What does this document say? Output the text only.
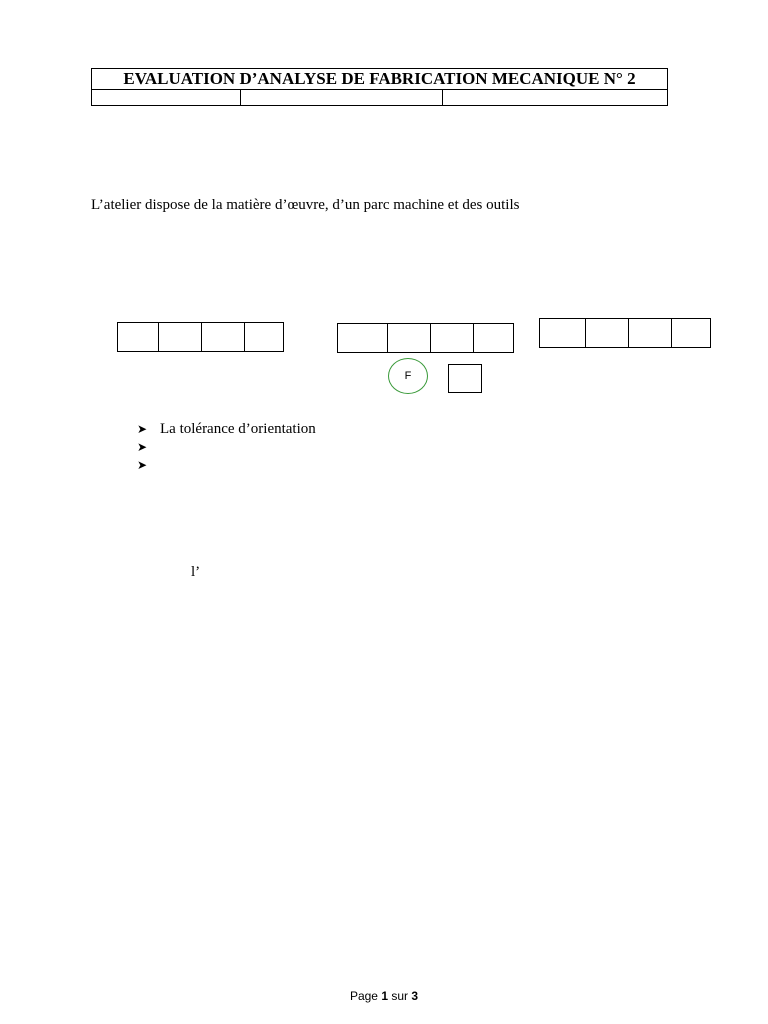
EVALUATION D’ANALYSE DE FABRICATION MECANIQUE N° 2

L’atelier dispose de la matière d’œuvre, d’un parc machine et des outils
F
➤ La tolérance d’orientation
➤
➤
l’
Page 1 sur 3
